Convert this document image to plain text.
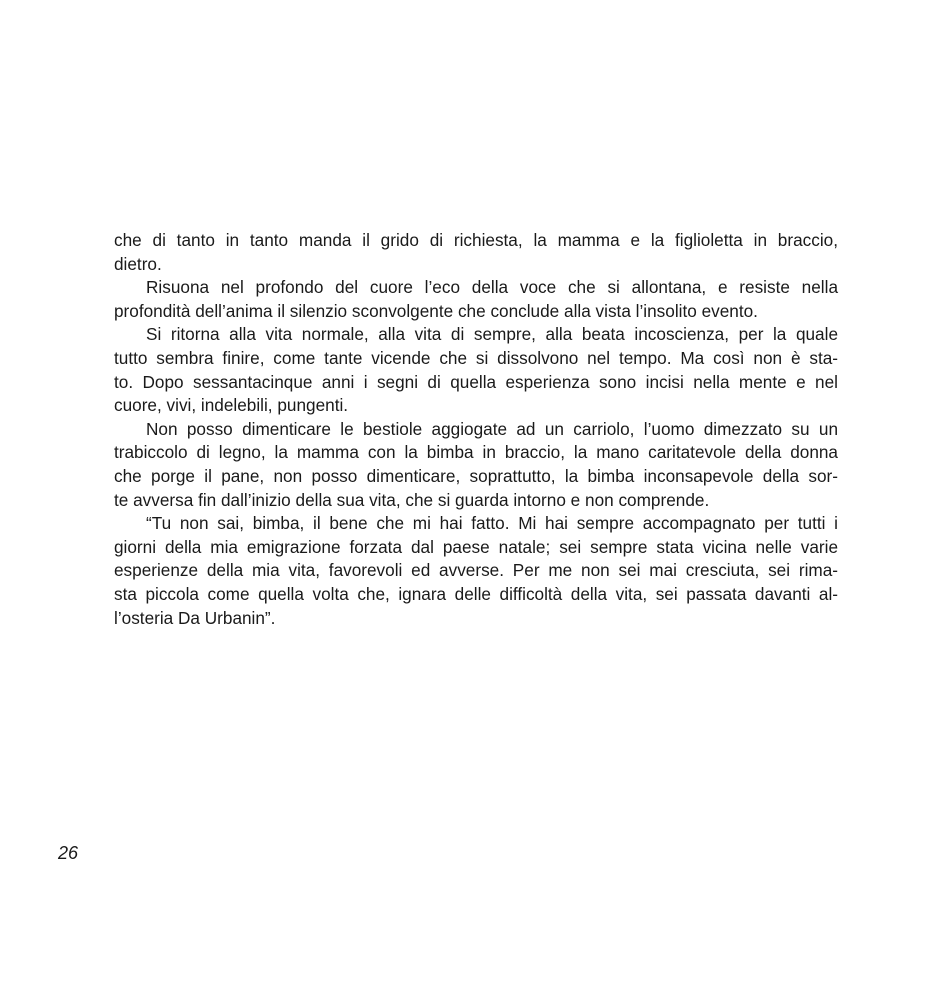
che di tanto in tanto manda il grido di richiesta, la mamma e la figlioletta in braccio,
dietro.
Risuona nel profondo del cuore l’eco della voce che si allontana, e resiste nella
profondità dell’anima il silenzio sconvolgente che conclude alla vista l’insolito evento.
Si ritorna alla vita normale, alla vita di sempre, alla beata incoscienza, per la quale
tutto sembra finire, come tante vicende che si dissolvono nel tempo. Ma così non è sta-
to. Dopo sessantacinque anni i segni di quella esperienza sono incisi nella mente e nel
cuore, vivi, indelebili, pungenti.
Non posso dimenticare le bestiole aggiogate ad un carriolo, l’uomo dimezzato su un
trabiccolo di legno, la mamma con la bimba in braccio, la mano caritatevole della donna
che porge il pane, non posso dimenticare, soprattutto, la bimba inconsapevole della sor-
te avversa fin dall’inizio della sua vita, che si guarda intorno e non comprende.
“Tu non sai, bimba, il bene che mi hai fatto. Mi hai sempre accompagnato per tutti i
giorni della mia emigrazione forzata dal paese natale; sei sempre stata vicina nelle varie
esperienze della mia vita, favorevoli ed avverse. Per me non sei mai cresciuta, sei rima-
sta piccola come quella volta che, ignara delle difficoltà della vita, sei passata davanti al-
l’osteria Da Urbanin”.
26
